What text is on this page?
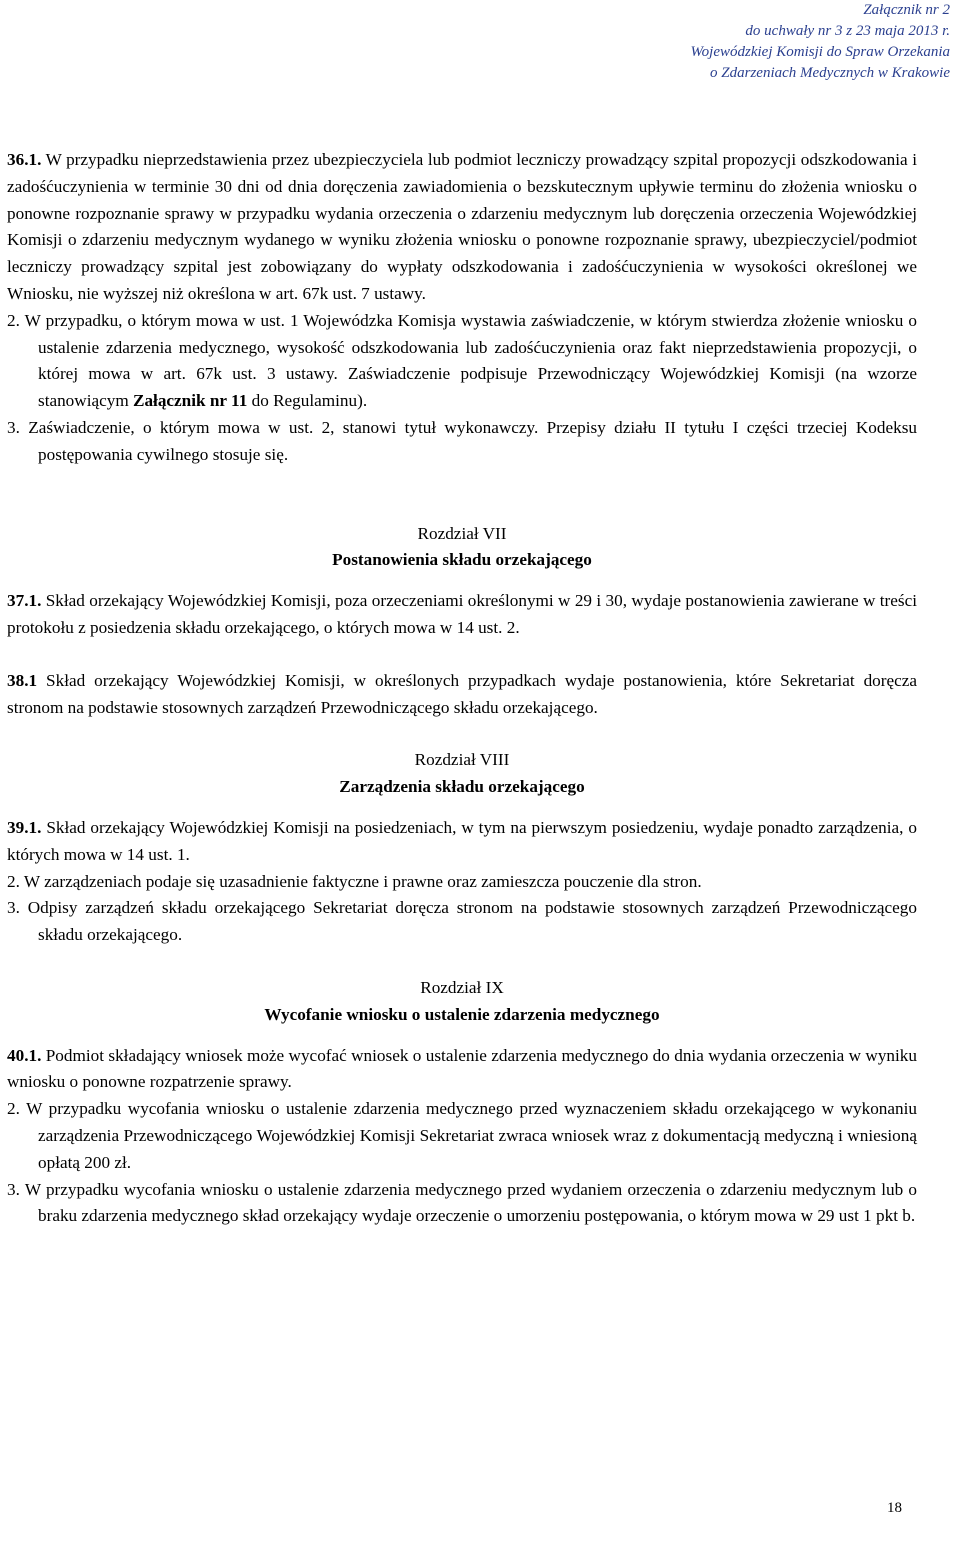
Załącznik nr 2
do uchwały nr 3 z 23 maja 2013 r.
Wojewódzkiej Komisji do Spraw Orzekania
o Zdarzeniach Medycznych w Krakowie

36.1. W przypadku nieprzedstawienia przez ubezpieczyciela lub podmiot leczniczy prowadzący szpital propozycji odszkodowania i zadośćuczynienia w terminie 30 dni od dnia doręczenia zawiadomienia o bezskutecznym upływie terminu do złożenia wniosku o ponowne rozpoznanie sprawy w przypadku wydania orzeczenia o zdarzeniu medycznym lub doręczenia orzeczenia Wojewódzkiej Komisji o zdarzeniu medycznym wydanego w wyniku złożenia wniosku o ponowne rozpoznanie sprawy, ubezpieczyciel/podmiot leczniczy prowadzący szpital jest zobowiązany do wypłaty odszkodowania i zadośćuczynienia w wysokości określonej we Wniosku, nie wyższej niż określona w art. 67k ust. 7 ustawy.

2. W przypadku, o którym mowa w ust. 1 Wojewódzka Komisja wystawia zaświadczenie, w którym stwierdza złożenie wniosku o ustalenie zdarzenia medycznego, wysokość odszkodowania lub zadośćuczynienia oraz fakt nieprzedstawienia propozycji, o której mowa w art. 67k ust. 3 ustawy. Zaświadczenie podpisuje Przewodniczący Wojewódzkiej Komisji (na wzorze stanowiącym Załącznik nr 11 do Regulaminu).

3. Zaświadczenie, o którym mowa w ust. 2, stanowi tytuł wykonawczy. Przepisy działu II tytułu I części trzeciej Kodeksu postępowania cywilnego stosuje się.

Rozdział VII

Postanowienia składu orzekającego

37.1. Skład orzekający Wojewódzkiej Komisji, poza orzeczeniami określonymi w 29 i 30, wydaje postanowienia zawierane w treści protokołu z posiedzenia składu orzekającego, o których mowa w 14 ust. 2.

38.1 Skład orzekający Wojewódzkiej Komisji, w określonych przypadkach wydaje postanowienia, które Sekretariat doręcza stronom na podstawie stosownych zarządzeń Przewodniczącego składu orzekającego.

Rozdział VIII

Zarządzenia składu orzekającego

39.1. Skład orzekający Wojewódzkiej Komisji na posiedzeniach, w tym na pierwszym posiedzeniu, wydaje ponadto zarządzenia, o których mowa w 14 ust. 1.

2. W zarządzeniach podaje się uzasadnienie faktyczne i prawne oraz zamieszcza pouczenie dla stron.

3. Odpisy zarządzeń składu orzekającego Sekretariat doręcza stronom na podstawie stosownych zarządzeń Przewodniczącego składu orzekającego.

Rozdział IX

Wycofanie wniosku o ustalenie zdarzenia medycznego

40.1. Podmiot składający wniosek może wycofać wniosek o ustalenie zdarzenia medycznego do dnia wydania orzeczenia w wyniku wniosku o ponowne rozpatrzenie sprawy.

2. W przypadku wycofania wniosku o ustalenie zdarzenia medycznego przed wyznaczeniem składu orzekającego w wykonaniu zarządzenia Przewodniczącego Wojewódzkiej Komisji Sekretariat zwraca wniosek wraz z dokumentacją medyczną i wniesioną opłatą 200 zł.

3. W przypadku wycofania wniosku o ustalenie zdarzenia medycznego przed wydaniem orzeczenia o zdarzeniu medycznym lub o braku zdarzenia medycznego skład orzekający wydaje orzeczenie o umorzeniu postępowania, o którym mowa w 29 ust 1 pkt b.

18
